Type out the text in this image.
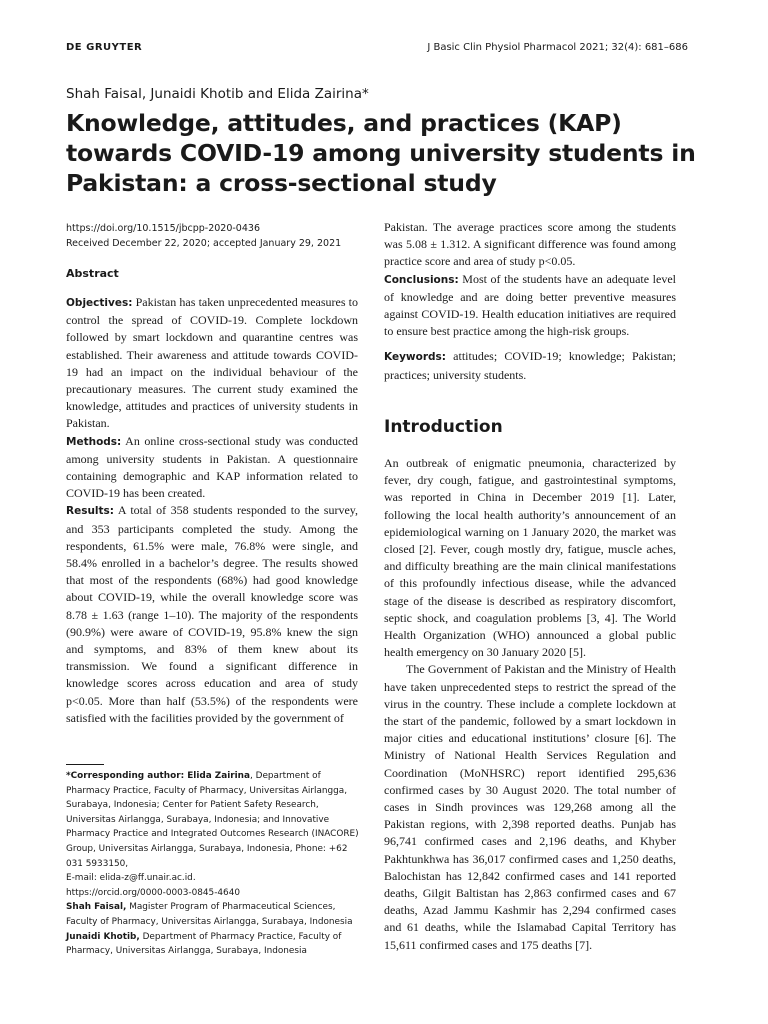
DE GRUYTER	J Basic Clin Physiol Pharmacol 2021; 32(4): 681–686
Shah Faisal, Junaidi Khotib and Elida Zairina*
Knowledge, attitudes, and practices (KAP) towards COVID-19 among university students in Pakistan: a cross-sectional study
https://doi.org/10.1515/jbcpp-2020-0436
Received December 22, 2020; accepted January 29, 2021
Abstract

Objectives: Pakistan has taken unprecedented measures to control the spread of COVID-19. Complete lockdown followed by smart lockdown and quarantine centres was established. Their awareness and attitude towards COVID-19 had an impact on the individual behaviour of the precautionary measures. The current study examined the knowledge, attitudes and practices of university students in Pakistan.

Methods: An online cross-sectional study was conducted among university students in Pakistan. A questionnaire containing demographic and KAP information related to COVID-19 has been created.

Results: A total of 358 students responded to the survey, and 353 participants completed the study. Among the respondents, 61.5% were male, 76.8% were single, and 58.4% enrolled in a bachelor’s degree. The results showed that most of the respondents (68%) had good knowledge about COVID-19, while the overall knowledge score was 8.78 ± 1.63 (range 1–10). The majority of the respondents (90.9%) were aware of COVID-19, 95.8% knew the sign and symptoms, and 83% of them knew about its transmission. We found a significant difference in knowledge scores across education and area of study p<0.05. More than half (53.5%) of the respondents were satisfied with the facilities provided by the government of

Pakistan. The average practices score among the students was 5.08 ± 1.312. A significant difference was found among practice score and area of study p<0.05.

Conclusions: Most of the students have an adequate level of knowledge and are doing better preventive measures against COVID-19. Health education initiatives are required to ensure best practice among the high-risk groups.

Keywords: attitudes; COVID-19; knowledge; Pakistan; practices; university students.

Introduction

An outbreak of enigmatic pneumonia, characterized by fever, dry cough, fatigue, and gastrointestinal symptoms, was reported in China in December 2019 [1]. Later, following the local health authority’s announcement of an epidemiological warning on 1 January 2020, the market was closed [2]. Fever, cough mostly dry, fatigue, muscle aches, and difficulty breathing are the main clinical manifestations of this profoundly infectious disease, while the advanced stage of the disease is described as respiratory discomfort, septic shock, and coagulation problems [3, 4]. The World Health Organization (WHO) announced a global public health emergency on 30 January 2020 [5].

The Government of Pakistan and the Ministry of Health have taken unprecedented steps to restrict the spread of the virus in the country. These include a complete lockdown at the start of the pandemic, followed by a smart lockdown in major cities and educational institutions’ closure [6]. The Ministry of National Health Services Regulation and Coordination (MoNHSRC) report identified 295,636 confirmed cases by 30 August 2020. The total number of cases in Sindh provinces was 129,268 among all the Pakistan regions, with 2,398 reported deaths. Punjab has 96,741 confirmed cases and 2,196 deaths, and Khyber Pakhtunkhwa has 36,017 confirmed cases and 1,250 deaths, Balochistan has 12,842 confirmed cases and 141 reported deaths, Gilgit Baltistan has 2,863 confirmed cases and 67 deaths, Azad Jammu Kashmir has 2,294 confirmed cases and 61 deaths, while the Islamabad Capital Territory has 15,611 confirmed cases and 175 deaths [7].

*Corresponding author: Elida Zairina, Department of Pharmacy Practice, Faculty of Pharmacy, Universitas Airlangga, Surabaya, Indonesia; Center for Patient Safety Research, Universitas Airlangga, Surabaya, Indonesia; and Innovative Pharmacy Practice and Integrated Outcomes Research (INACORE) Group, Universitas Airlangga, Surabaya, Indonesia, Phone: +62 031 5933150,

E-mail: elida-z@ff.unair.ac.id.

https://orcid.org/0000-0003-0845-4640

Shah Faisal, Magister Program of Pharmaceutical Sciences, Faculty of Pharmacy, Universitas Airlangga, Surabaya, Indonesia

Junaidi Khotib, Department of Pharmacy Practice, Faculty of Pharmacy, Universitas Airlangga, Surabaya, Indonesia
